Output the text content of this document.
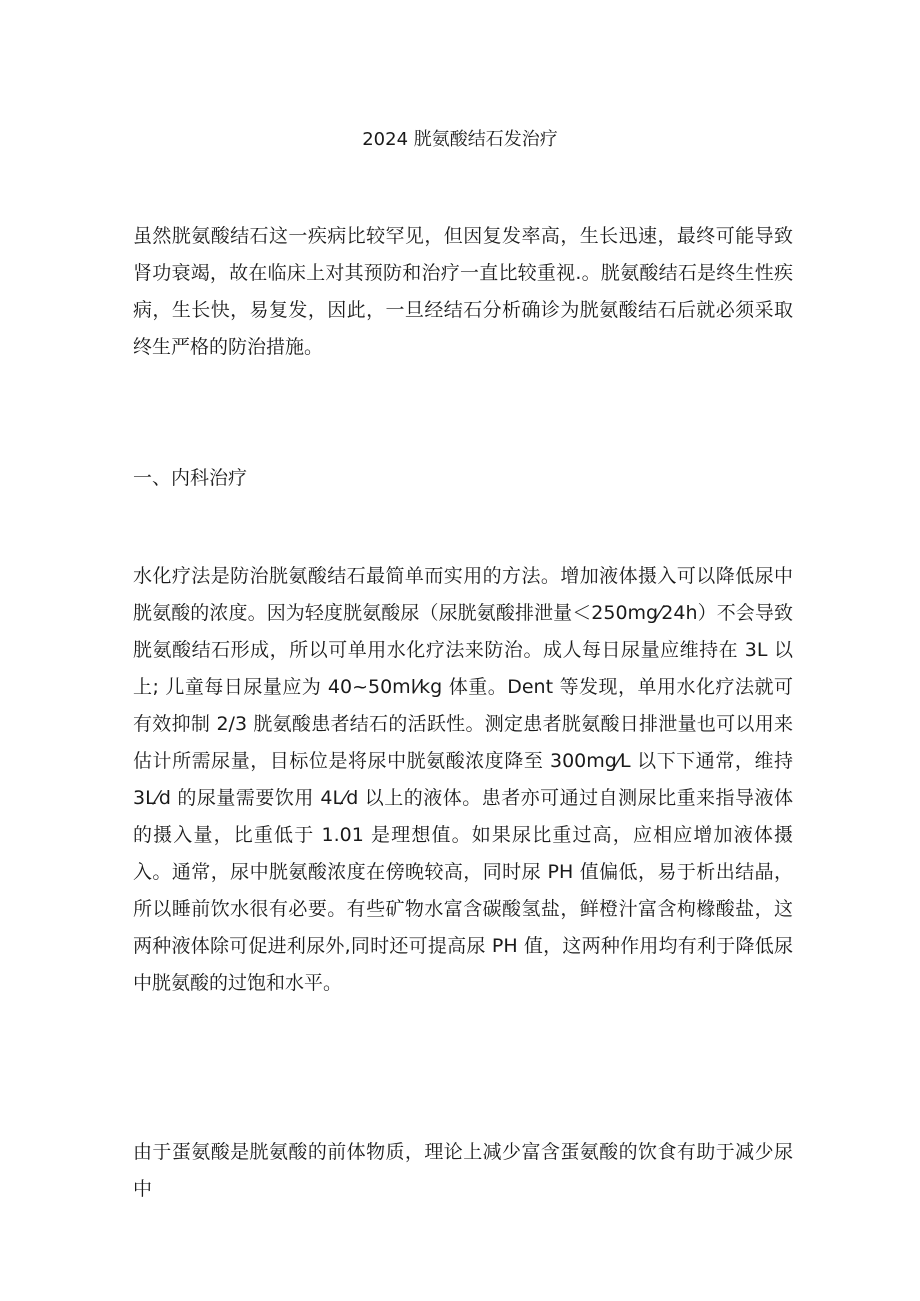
2024 胱氨酸结石发治疗

虽然胱氨酸结石这一疾病比较罕见，但因复发率高，生长迅速，最终可能导致肾功衰竭，故在临床上对其预防和治疗一直比较重视.。胱氨酸结石是终生性疾病，生长快，易复发，因此，一旦经结石分析确诊为胱氨酸结石后就必须采取终生严格的防治措施。

一、内科治疗

水化疗法是防治胱氨酸结石最简单而实用的方法。增加液体摄入可以降低尿中胱氨酸的浓度。因为轻度胱氨酸尿（尿胱氨酸排泄量＜250mg⁄24h）不会导致胱氨酸结石形成，所以可单用水化疗法来防治。成人每日尿量应维持在 3L 以上; 儿童每日尿量应为 40~50ml⁄kg 体重。Dent 等发现，单用水化疗法就可有效抑制 2/3 胱氨酸患者结石的活跃性。测定患者胱氨酸日排泄量也可以用来估计所需尿量，目标位是将尿中胱氨酸浓度降至 300mg⁄L 以下下通常，维持 3L⁄d 的尿量需要饮用 4L⁄d 以上的液体。患者亦可通过自测尿比重来指导液体的摄入量，比重低于 1.01 是理想值。如果尿比重过高，应相应增加液体摄入。通常，尿中胱氨酸浓度在傍晚较高，同时尿 PH 值偏低，易于析出结晶，所以睡前饮水很有必要。有些矿物水富含碳酸氢盐，鲜橙汁富含枸橼酸盐，这两种液体除可促进利尿外,同时还可提高尿 PH 值，这两种作用均有利于降低尿中胱氨酸的过饱和水平。

由于蛋氨酸是胱氨酸的前体物质，理论上减少富含蛋氨酸的饮食有助于减少尿中
